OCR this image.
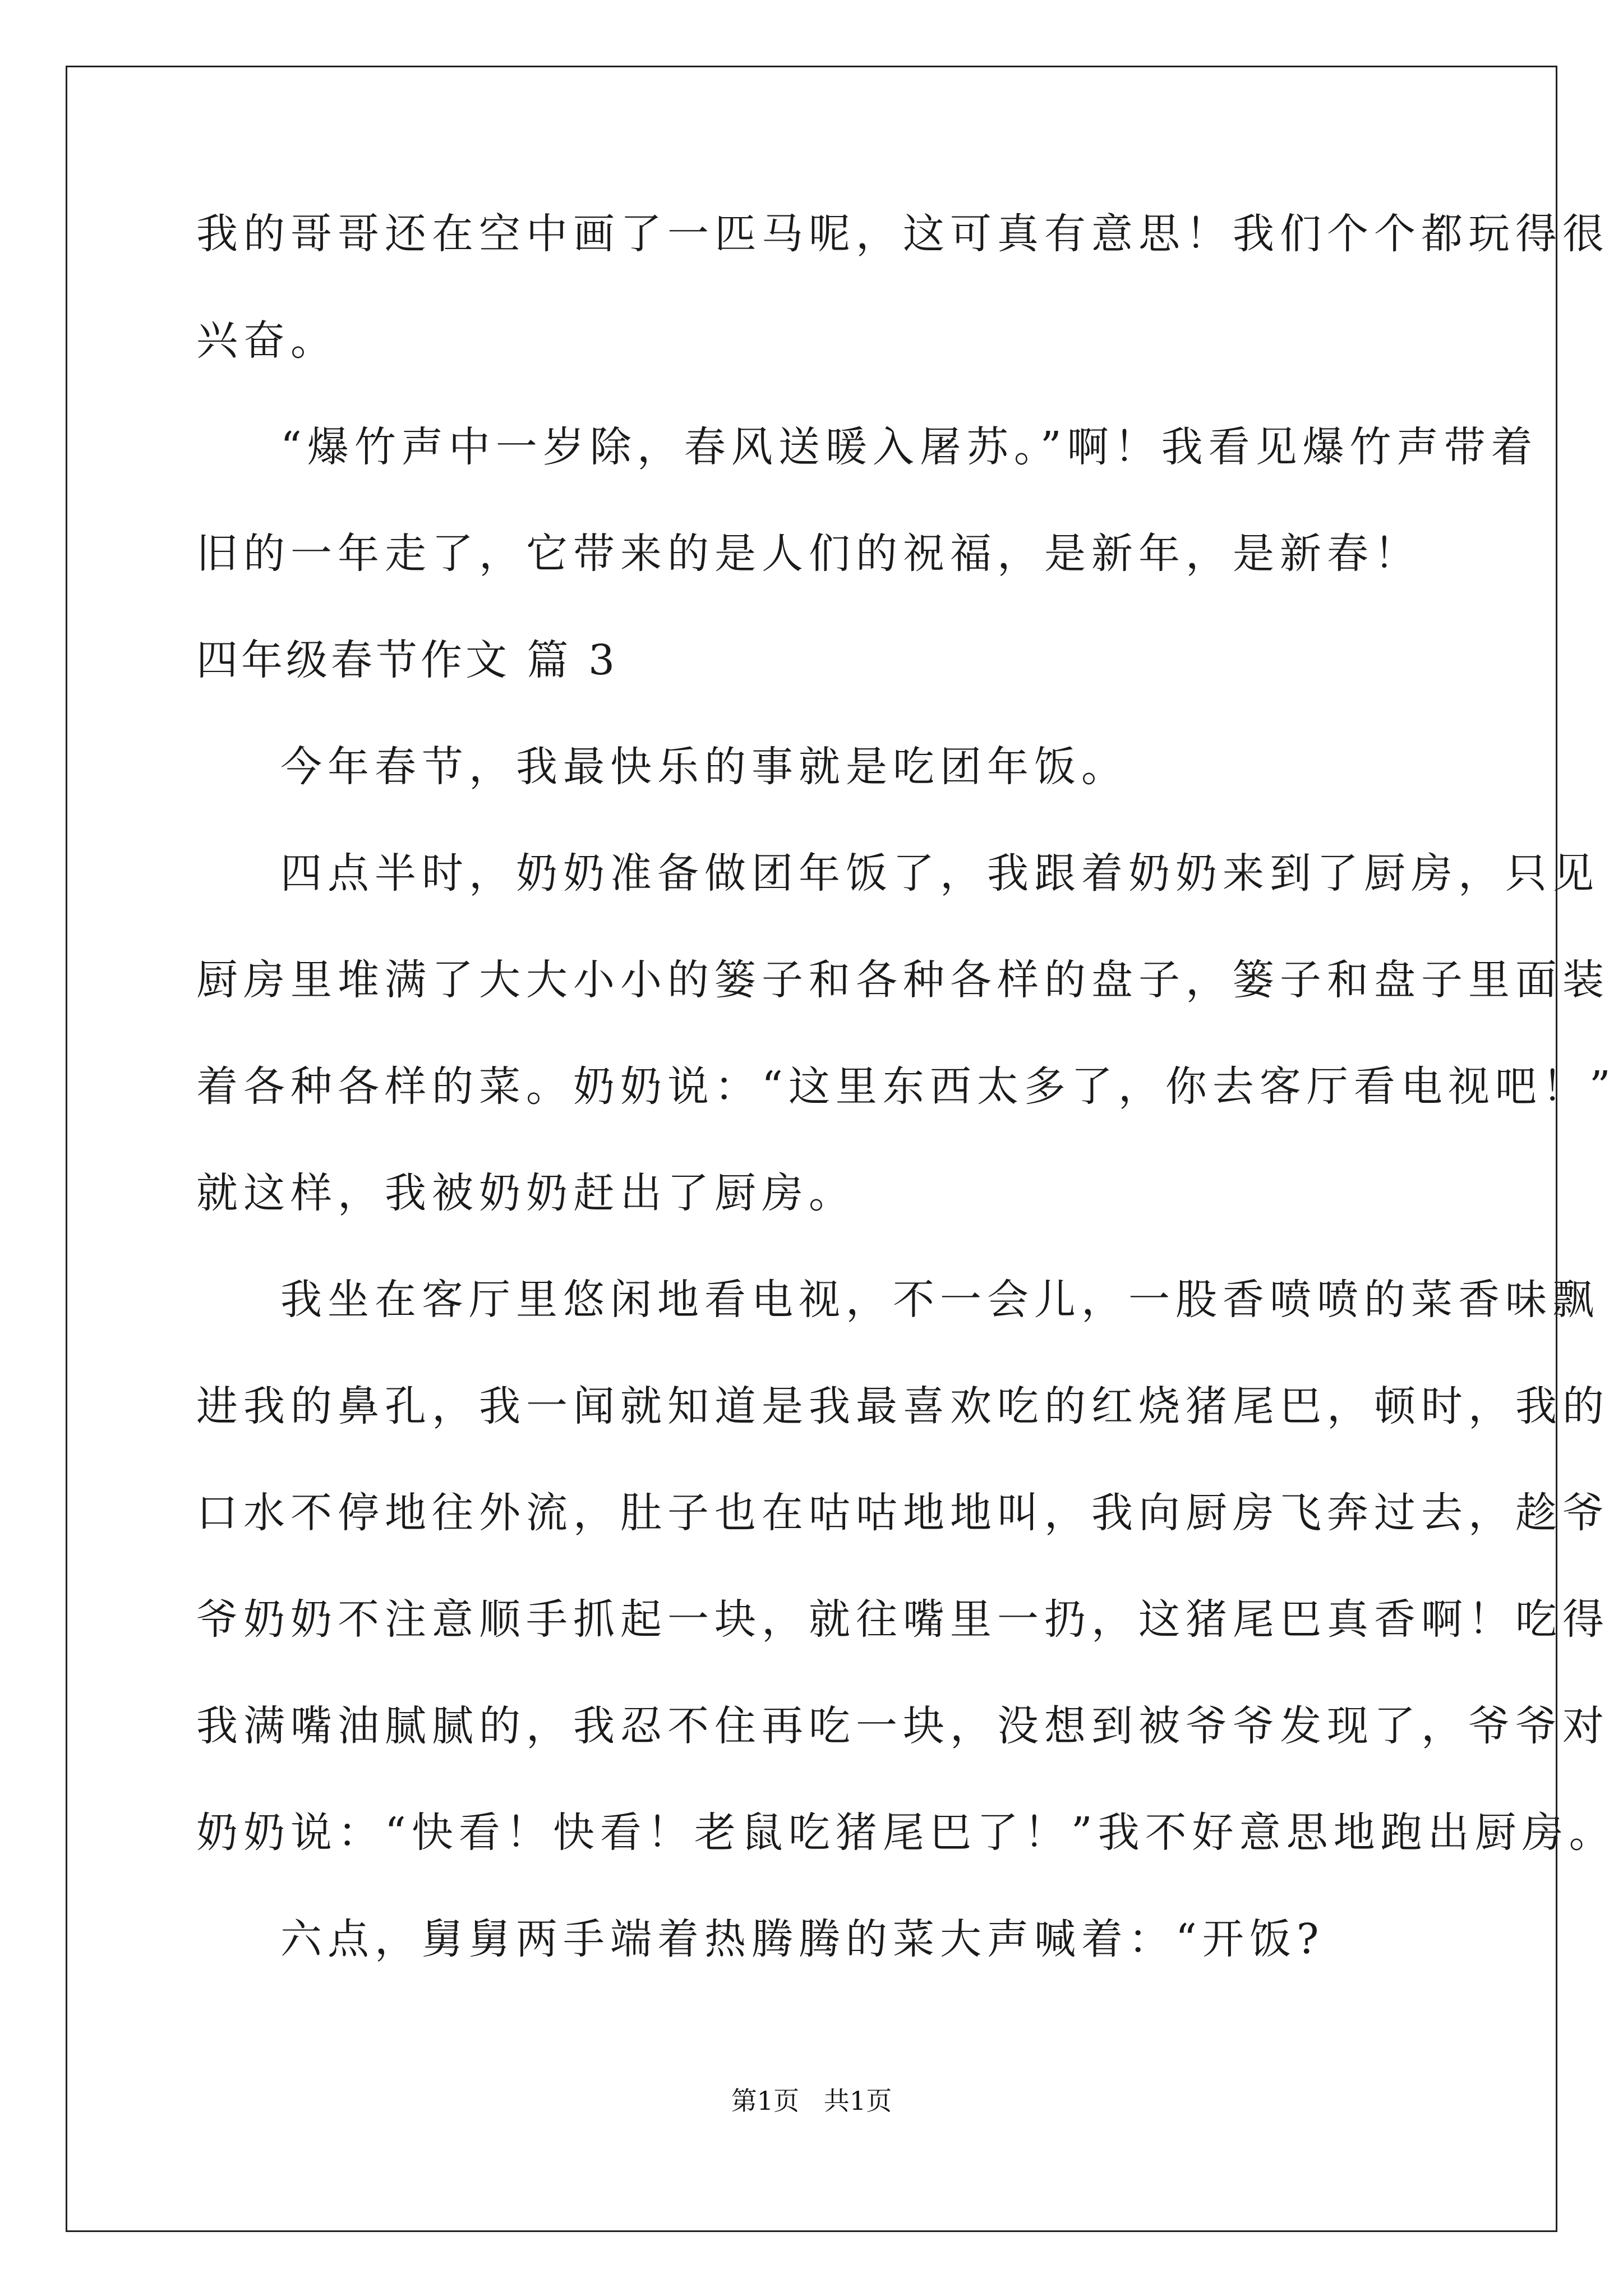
我的哥哥还在空中画了一匹马呢，这可真有意思！我们个个都玩得很

兴奋。

“爆竹声中一岁除，春风送暖入屠苏。”啊！我看见爆竹声带着

旧的一年走了，它带来的是人们的祝福，是新年，是新春！

四年级春节作文 篇 3

今年春节，我最快乐的事就是吃团年饭。

四点半时，奶奶准备做团年饭了，我跟着奶奶来到了厨房，只见

厨房里堆满了大大小小的篓子和各种各样的盘子，篓子和盘子里面装

着各种各样的菜。奶奶说：“这里东西太多了，你去客厅看电视吧！”

就这样，我被奶奶赶出了厨房。

我坐在客厅里悠闲地看电视，不一会儿，一股香喷喷的菜香味飘

进我的鼻孔，我一闻就知道是我最喜欢吃的红烧猪尾巴，顿时，我的

口水不停地往外流，肚子也在咕咕地地叫，我向厨房飞奔过去，趁爷

爷奶奶不注意顺手抓起一块，就往嘴里一扔，这猪尾巴真香啊！吃得

我满嘴油腻腻的，我忍不住再吃一块，没想到被爷爷发现了，爷爷对

奶奶说：“快看！快看！老鼠吃猪尾巴了！”我不好意思地跑出厨房。

六点，舅舅两手端着热腾腾的菜大声喊着：“开饭?

第1页   共1页
